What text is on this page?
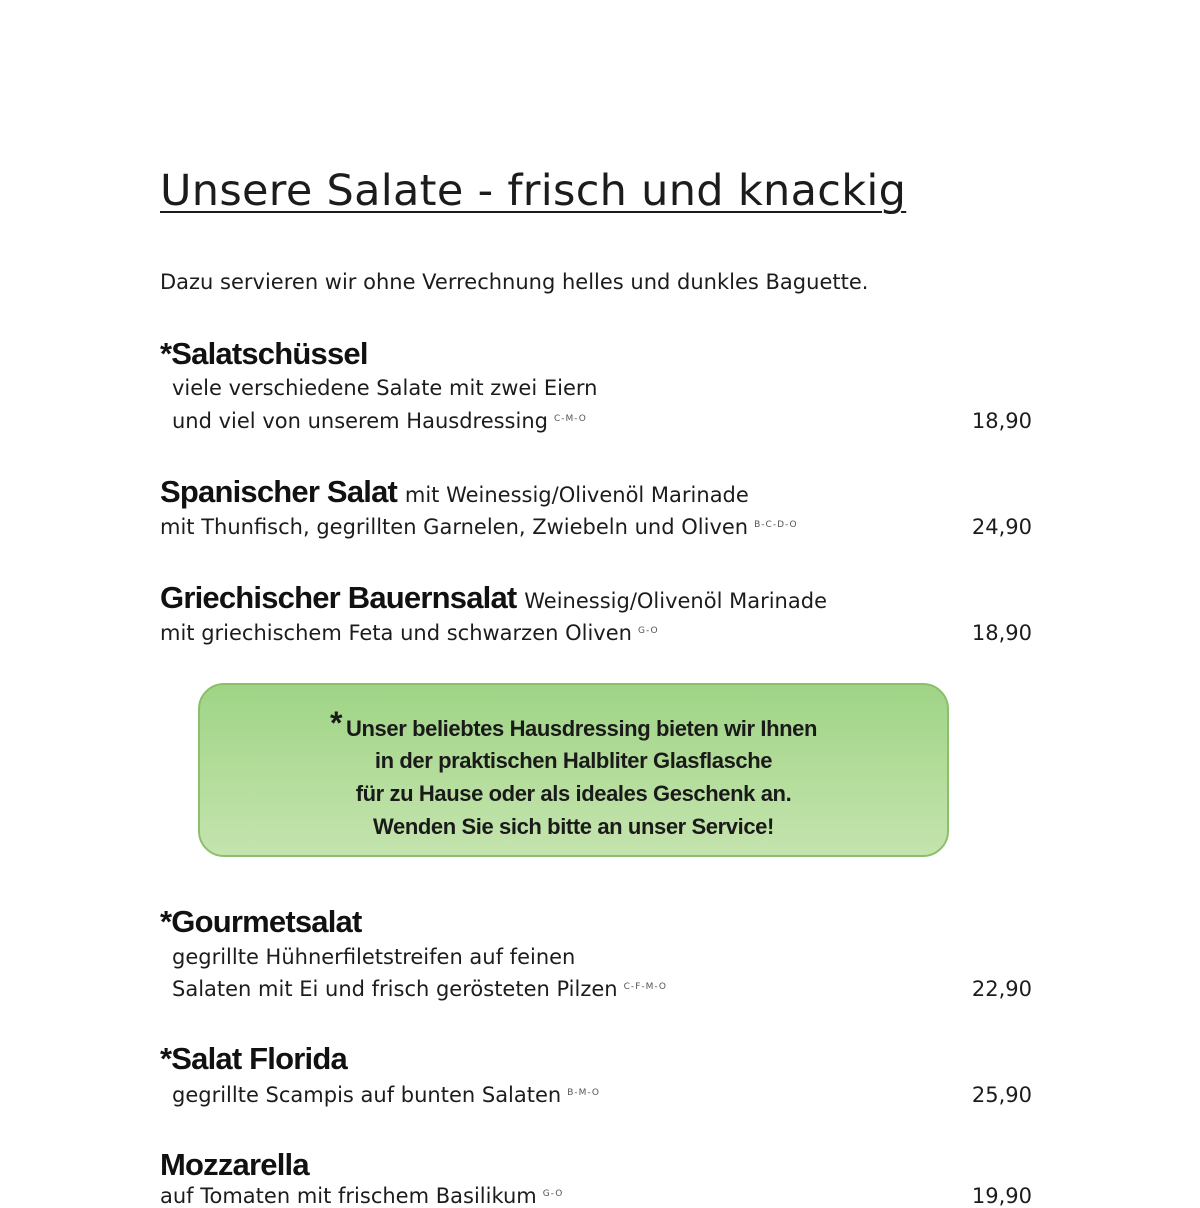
Unsere Salate - frisch und knackig
Dazu servieren wir ohne Verrechnung helles und dunkles Baguette.
*Salatschüssel
viele verschiedene Salate mit zwei Eiern
und viel von unserem Hausdressing $^{C-M-O}$	18,90
Spanischer Salat mit Weinessig/Olivenöl Marinade
mit Thunfisch, gegrillten Garnelen, Zwiebeln und Oliven $^{B-C-D-O}$	24,90
Griechischer Bauernsalat Weinessig/Olivenöl Marinade
mit griechischem Feta und schwarzen Oliven $^{G-O}$	18,90
* Unser beliebtes Hausdressing bieten wir Ihnen
in der praktischen Halbliter Glasflasche
für zu Hause oder als ideales Geschenk an.
Wenden Sie sich bitte an unser Service!
*Gourmetsalat
gegrillte Hühnerfiletstreifen auf feinen
Salaten mit Ei und frisch gerösteten Pilzen $^{C-F-M-O}$	22,90
*Salat Florida
gegrillte Scampis auf bunten Salaten $^{B-M-O}$	25,90
Mozzarella
auf Tomaten mit frischem Basilikum $^{G-O}$	19,90
